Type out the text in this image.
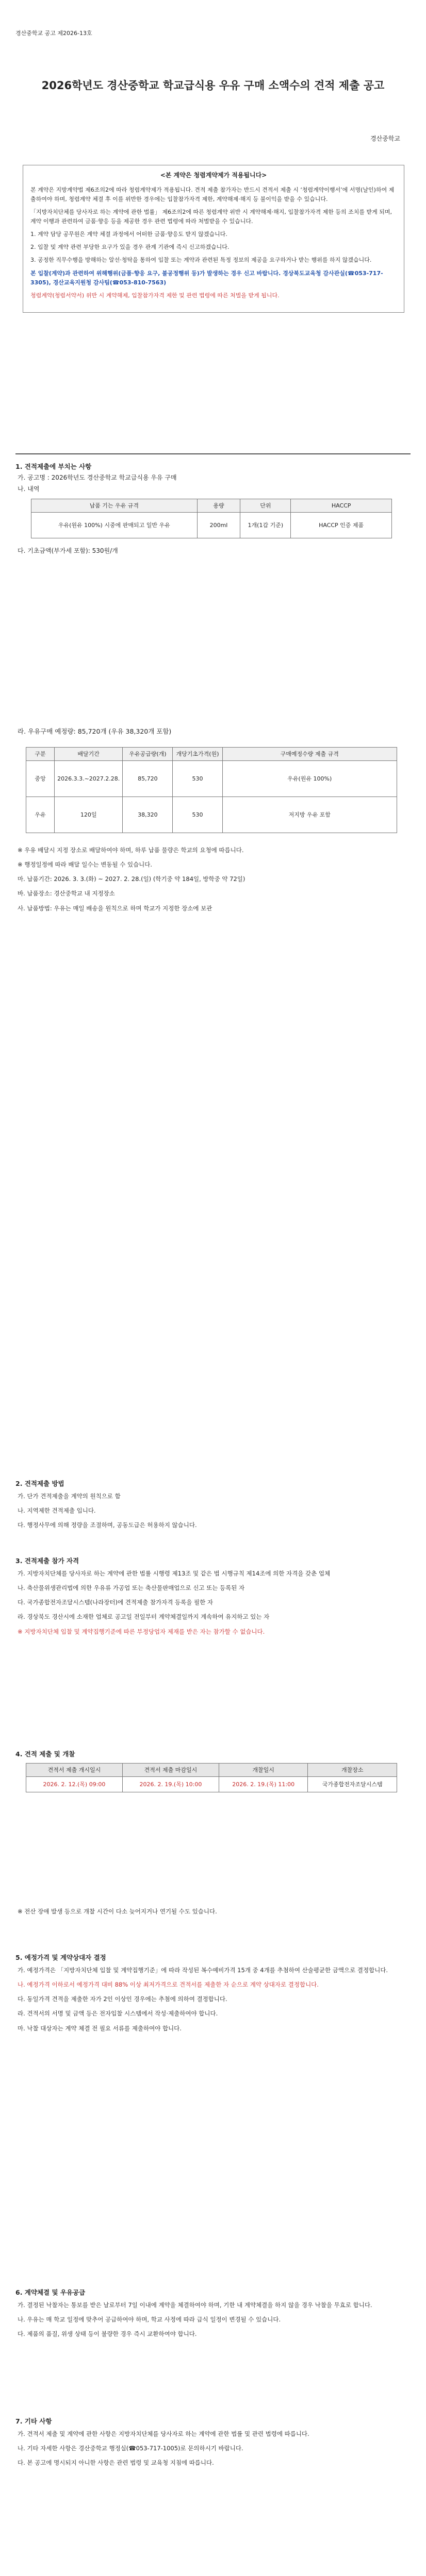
경산중학교 공고 제2026-13호
2026학년도 경산중학교 학교급식용 우유 구매 소액수의 견적 제출 공고
경산중학교
<본 계약은 청렴계약제가 적용됩니다>

본 계약은 지방계약법 제6조의2에 따라 청렴계약제가 적용됩니다. 견적 제출 참가자는 반드시 견적서 제출 시 ‘청렴계약이행서’에 서명(날인)하여 제출하여야 하며, 청렴계약 체결 후 이를 위반한 경우에는 입찰참가자격 제한, 계약해제·해지 등 불이익을 받을 수 있습니다.

「지방자치단체를 당사자로 하는 계약에 관한 법률」 제6조의2에 따른 청렴계약 위반 시 계약해제·해지, 입찰참가자격 제한 등의 조치를 받게 되며, 계약 이행과 관련하여 금품·향응 등을 제공한 경우 관련 법령에 따라 처벌받을 수 있습니다.

1. 계약 담당 공무원은 계약 체결 과정에서 어떠한 금품·향응도 받지 않겠습니다.

2. 입찰 및 계약 관련 부당한 요구가 있을 경우 관계 기관에 즉시 신고하겠습니다.

3. 공정한 직무수행을 방해하는 알선·청탁을 통하여 입찰 또는 계약과 관련된 특정 정보의 제공을 요구하거나 받는 행위를 하지 않겠습니다.

본 입찰(계약)과 관련하여 위해행위(금품·향응 요구, 불공정행위 등)가 발생하는 경우 신고 바랍니다. 경상북도교육청 감사관실(☎053-717-3305), 경산교육지원청 감사팀(☎053-810-7563)

청렴계약(청렴서약서) 위반 시 계약해제, 입찰참가자격 제한 및 관련 법령에 따른 처벌을 받게 됩니다.

1. 견적제출에 부치는 사항
가. 공고명 : 2026학년도 경산중학교 학교급식용 우유 구매
나. 내역
납품 기는 우유 규격	용량	단위	HACCP
우유(원유 100%) 시중에 판매되고 일반 우유	200ml	1개(1갑 기준)	HACCP 인증 제품
다. 기초금액(부가세 포함): 530원/개
라. 우유구매 예정량: 85,720개 (우유 38,320개 포함)
구분	배달기간	우유공급량(개)	개당기초가격(원)	구매예정수량 제출 규격
중앙	2026.3.3.~2027.2.28.	85,720	530	우유(원유 100%)
우유	120일	38,320	530	저지방 우유 포함

※ 우유 배달시 지정 장소로 배달하여야 하며, 하루 납품 물량은 학교의 요청에 따릅니다.

※ 행정일정에 따라 배달 일수는 변동될 수 있습니다.

마. 납품기간: 2026. 3. 3.(화) ~ 2027. 2. 28.(일) (학기중 약 184일, 방학중 약 72일)

바. 납품장소: 경산중학교 내 지정장소

사. 납품방법: 우유는 매일 배송을 원칙으로 하며 학교가 지정한 장소에 보관

2. 견적제출 방법

가. 단가 견적제출을 계약의 원칙으로 함

나. 지역제한 견적제출 입니다.

다. 행정사무에 의해 정량을 조절하며, 공동도급은 허용하지 않습니다.

3. 견적제출 참가 자격

가. 지방자치단체를 당사자로 하는 계약에 관한 법률 시행령 제13조 및 같은 법 시행규칙 제14조에 의한 자격을 갖춘 업체

나. 축산물위생관리법에 의한 우유류 가공업 또는 축산물판매업으로 신고 또는 등록된 자

다. 국가종합전자조달시스템(나라장터)에 견적제출 참가자격 등록을 필한 자

라. 경상북도 경산시에 소재한 업체로 공고일 전일부터 계약체결일까지 계속하여 유지하고 있는 자

※ 지방자치단체 입찰 및 계약집행기준에 따른 부정당업자 제재를 받은 자는 참가할 수 없습니다.

4. 견적 제출 및 개찰
견적서 제출 개시일시	견적서 제출 마감일시	개찰일시	개찰장소
2026. 2. 12.(목) 09:00	2026. 2. 19.(목) 10:00	2026. 2. 19.(목) 11:00	국가종합전자조달시스템

※ 전산 장애 발생 등으로 개찰 시간이 다소 늦어지거나 연기될 수도 있습니다.

5. 예정가격 및 계약상대자 결정

가. 예정가격은 「지방자치단체 입찰 및 계약집행기준」에 따라 작성된 복수예비가격 15개 중 4개를 추첨하여 산술평균한 금액으로 결정합니다.

나. 예정가격 이하로서 예정가격 대비 88% 이상 최저가격으로 견적서를 제출한 자 순으로 계약 상대자로 결정합니다.

다. 동일가격 견적을 제출한 자가 2인 이상인 경우에는 추첨에 의하여 결정합니다.

라. 견적서의 서명 및 금액 등은 전자입찰 시스템에서 작성·제출하여야 합니다.

마. 낙찰 대상자는 계약 체결 전 필요 서류를 제출하여야 합니다.

6. 계약체결 및 우유공급

가. 결정된 낙찰자는 통보를 받은 날로부터 7일 이내에 계약을 체결하여야 하며, 기한 내 계약체결을 하지 않을 경우 낙찰을 무효로 합니다.

나. 우유는 매 학교 일정에 맞추어 공급하여야 하며, 학교 사정에 따라 급식 일정이 변경될 수 있습니다.

다. 제품의 품질, 위생 상태 등이 불량한 경우 즉시 교환하여야 합니다.

7. 기타 사항

가. 견적서 제출 및 계약에 관한 사항은 지방자치단체를 당사자로 하는 계약에 관한 법률 및 관련 법령에 따릅니다.

나. 기타 자세한 사항은 경산중학교 행정실(☎053-717-1005)로 문의하시기 바랍니다.

다. 본 공고에 명시되지 아니한 사항은 관련 법령 및 교육청 지침에 따릅니다.
